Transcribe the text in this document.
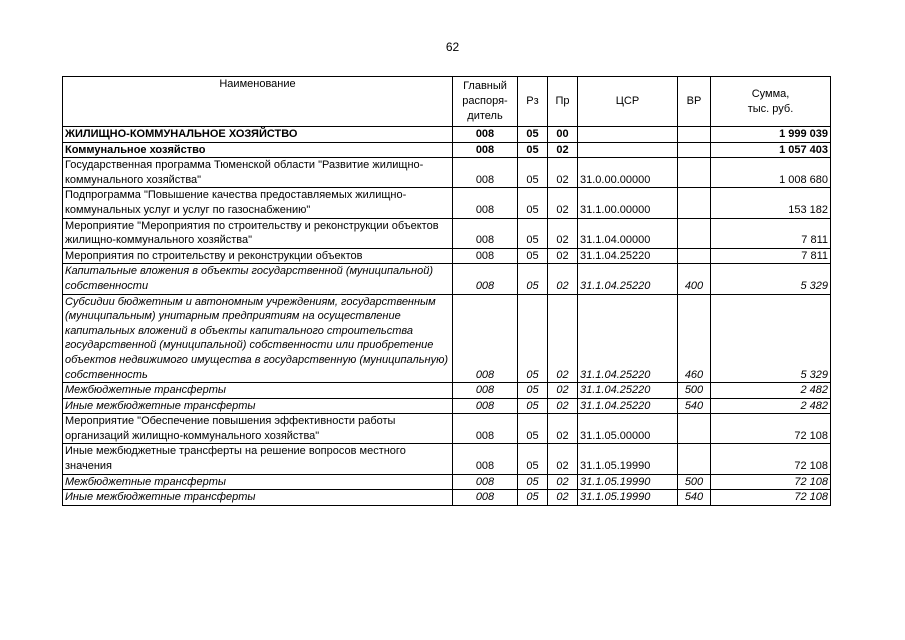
62
Наименование	Главный
распоря-
дитель	Рз	Пр	ЦСР	ВР	Сумма,
тыс. руб.
ЖИЛИЩНО-КОММУНАЛЬНОЕ ХОЗЯЙСТВО	008	05	00			1 999 039
Коммунальное хозяйство	008	05	02			1 057 403
Государственная программа Тюменской области "Развитие жилищно-коммунального хозяйства"	008	05	02	31.0.00.00000		1 008 680
Подпрограмма "Повышение качества предоставляемых жилищно-коммунальных услуг и услуг по газоснабжению"	008	05	02	31.1.00.00000		153 182
Мероприятие "Мероприятия по строительству и реконструкции объектов жилищно-коммунального хозяйства"	008	05	02	31.1.04.00000		7 811
Мероприятия по строительству и реконструкции объектов	008	05	02	31.1.04.25220		7 811
Капитальные вложения в объекты государственной (муниципальной) собственности	008	05	02	31.1.04.25220	400	5 329
Субсидии бюджетным и автономным учреждениям, государственным (муниципальным) унитарным предприятиям на осуществление капитальных вложений в объекты капитального строительства государственной (муниципальной) собственности или приобретение объектов недвижимого имущества в государственную (муниципальную) собственность	008	05	02	31.1.04.25220	460	5 329
Межбюджетные трансферты	008	05	02	31.1.04.25220	500	2 482
Иные межбюджетные трансферты	008	05	02	31.1.04.25220	540	2 482
Мероприятие "Обеспечение повышения эффективности работы организаций жилищно-коммунального хозяйства"	008	05	02	31.1.05.00000		72 108
Иные межбюджетные трансферты на решение вопросов местного значения	008	05	02	31.1.05.19990		72 108
Межбюджетные трансферты	008	05	02	31.1.05.19990	500	72 108
Иные межбюджетные трансферты	008	05	02	31.1.05.19990	540	72 108
